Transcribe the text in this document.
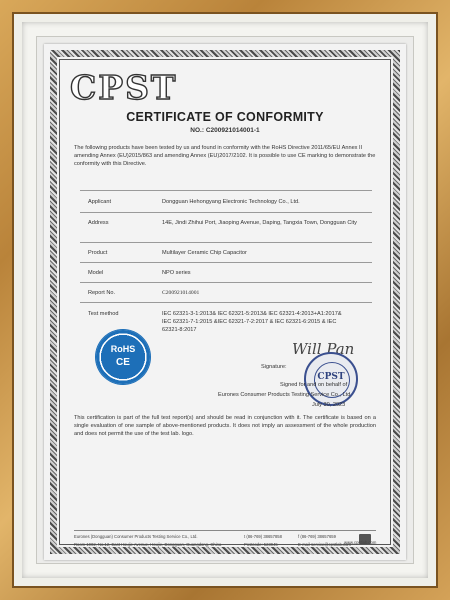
CPST
CERTIFICATE OF CONFORMITY
NO.: C200921014001-1
The following products have been tested by us and found in conformity with the RoHS Directive 2011/65/EU Annex II amending Annex (EU)2015/863 and amending Annex (EU)2017/2102. It is possible to use CE marking to demonstrate the conformity with this Directive.
Applicant	Dongguan Hehongyang Electronic Technology Co., Ltd.
Address	14E, Jindi Zhihui Port, Jiaoping Avenue, Daping, Tangxia Town, Dongguan City
Product	Multilayer Ceramic Chip Capacitor
Model	NPO series
Report No.	C200921014001
Test method	IEC 62321-3-1:2013& IEC 62321-5:2013& IEC 62321-4:2013+A1:2017& IEC 62321-7-1:2015 &IEC 62321-7-2:2017 & IEC 62321-6:2015 & IEC 62321-8:2017
RoHS
CE
Will Pan
Signature:
CPST
Signed for and on behalf of
Eurones Consumer Products Testing Service Co., Ltd
July 30, 2023
This certification is part of the full test report(s) and should be read in conjunction with it. The certificate is based on a single evaluation of one sample of above-mentioned products. It does not imply an assessment of the whole production and does not permit the use of the test lab. logo.
Eurones (Dongguan) Consumer Products Testing Service Co., Ltd.	t (86-769) 38657858	f (86-769) 38657659
www.cpstlab.com
Room 1002, No.12, East Houjie Avenue, Houjie, Dongguan, Guangdong, China	Postcode: 523945	E-mail service@cpstlab.com
